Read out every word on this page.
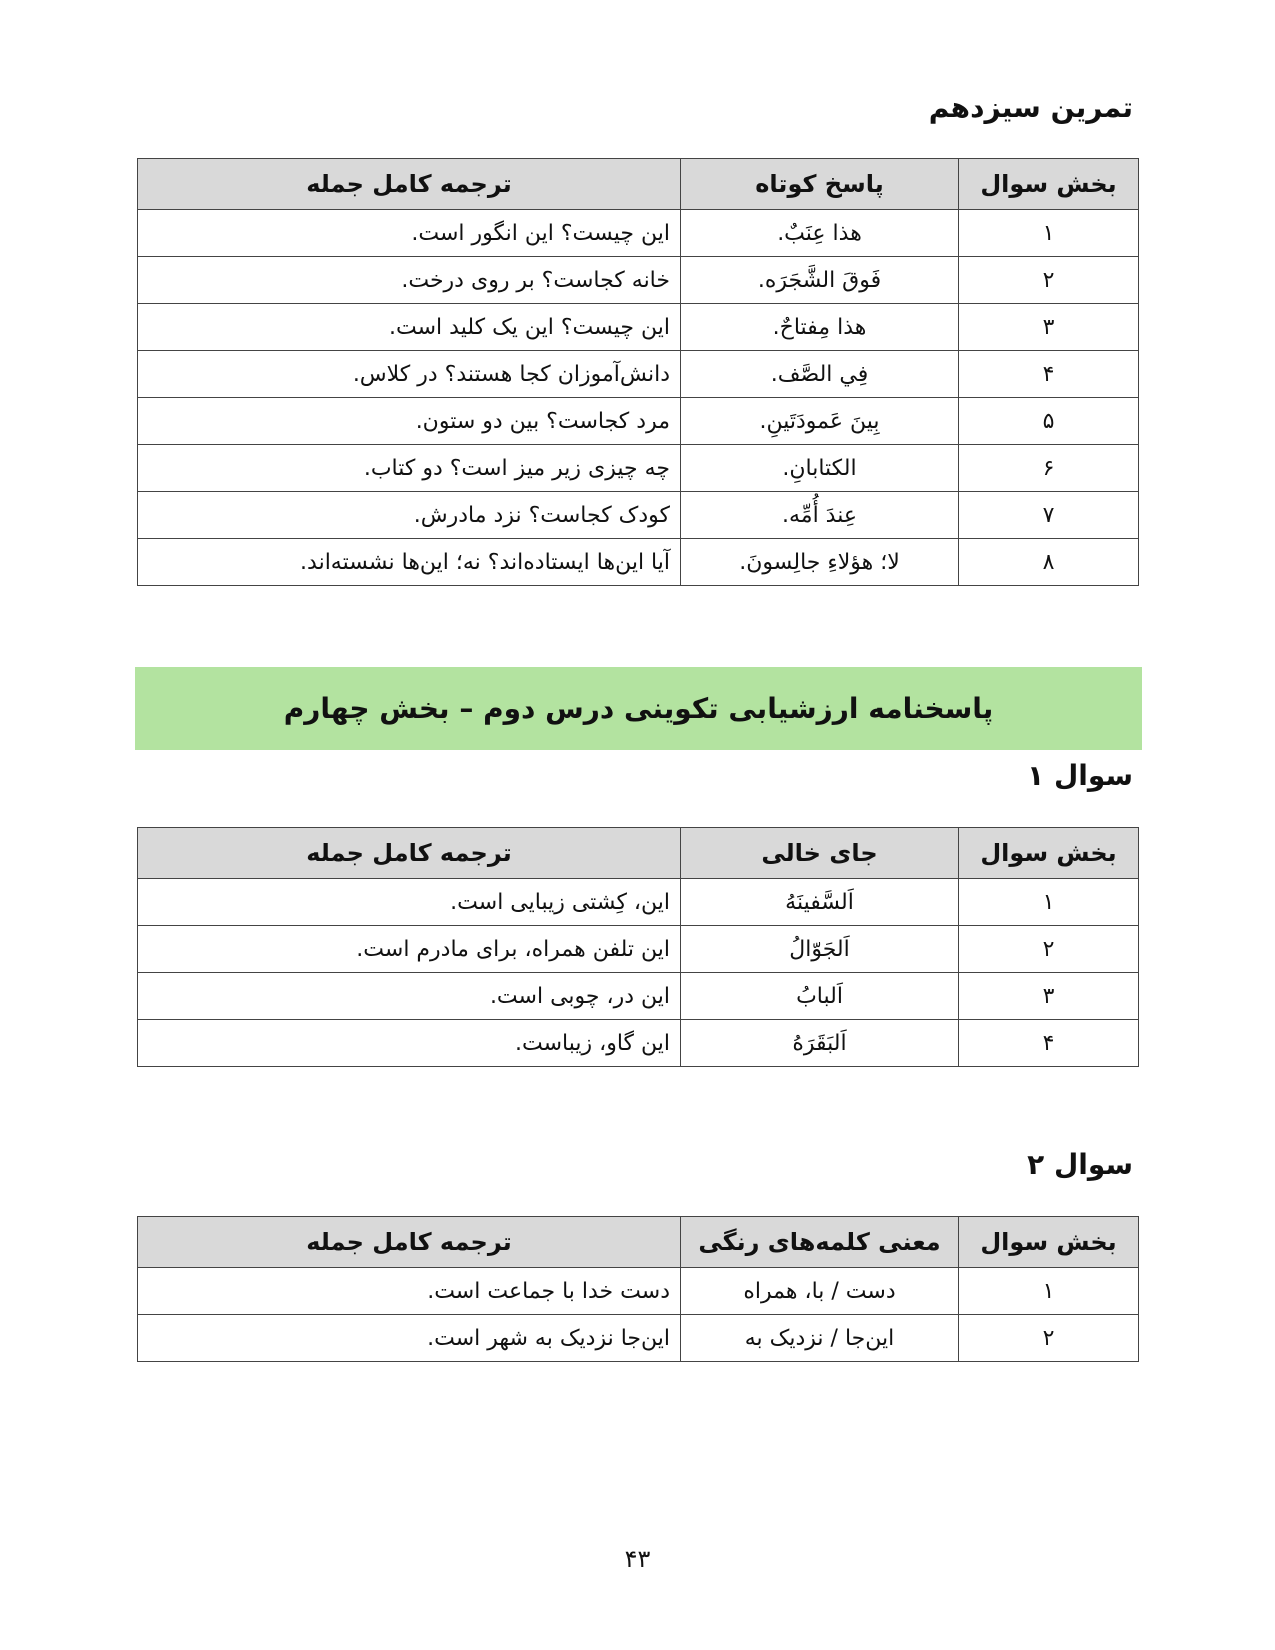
تمرین سیزدهم
بخش سوال	پاسخ کوتاه	ترجمه کامل جمله
۱	هذا عِنَبٌ.	این چیست؟ این انگور است.
۲	فَوقَ الشَّجَرَه.	خانه کجاست؟ بر روی درخت.
۳	هذا مِفتاحٌ.	این چیست؟ این یک کلید است.
۴	فِي الصَّف.	دانش‌آموزان کجا هستند؟ در کلاس.
۵	بِینَ عَمودَتَینِ.	مرد کجاست؟ بین دو ستون.
۶	الکتابانِ.	چه چیزی زیر میز است؟ دو کتاب.
۷	عِندَ أُمِّه.	کودک کجاست؟ نزد مادرش.
۸	لا؛ هؤلاءِ جالِسونَ.	آیا این‌ها ایستاده‌اند؟ نه؛ این‌ها نشسته‌اند.
پاسخنامه ارزشیابی تکوینی درس دوم – بخش چهارم
سوال ۱
بخش سوال	جای خالی	ترجمه کامل جمله
۱	اَلسَّفینَهُ	این، کِشتی زیبایی است.
۲	اَلجَوّالُ	این تلفن همراه، برای مادرم است.
۳	اَلبابُ	این در، چوبی است.
۴	اَلبَقَرَهُ	این گاو، زیباست.
سوال ۲
بخش سوال	معنی کلمه‌های رنگی	ترجمه کامل جمله
۱	دست / با، همراه	دست خدا با جماعت است.
۲	این‌جا / نزدیک به	این‌جا نزدیک به شهر است.
۴۳
